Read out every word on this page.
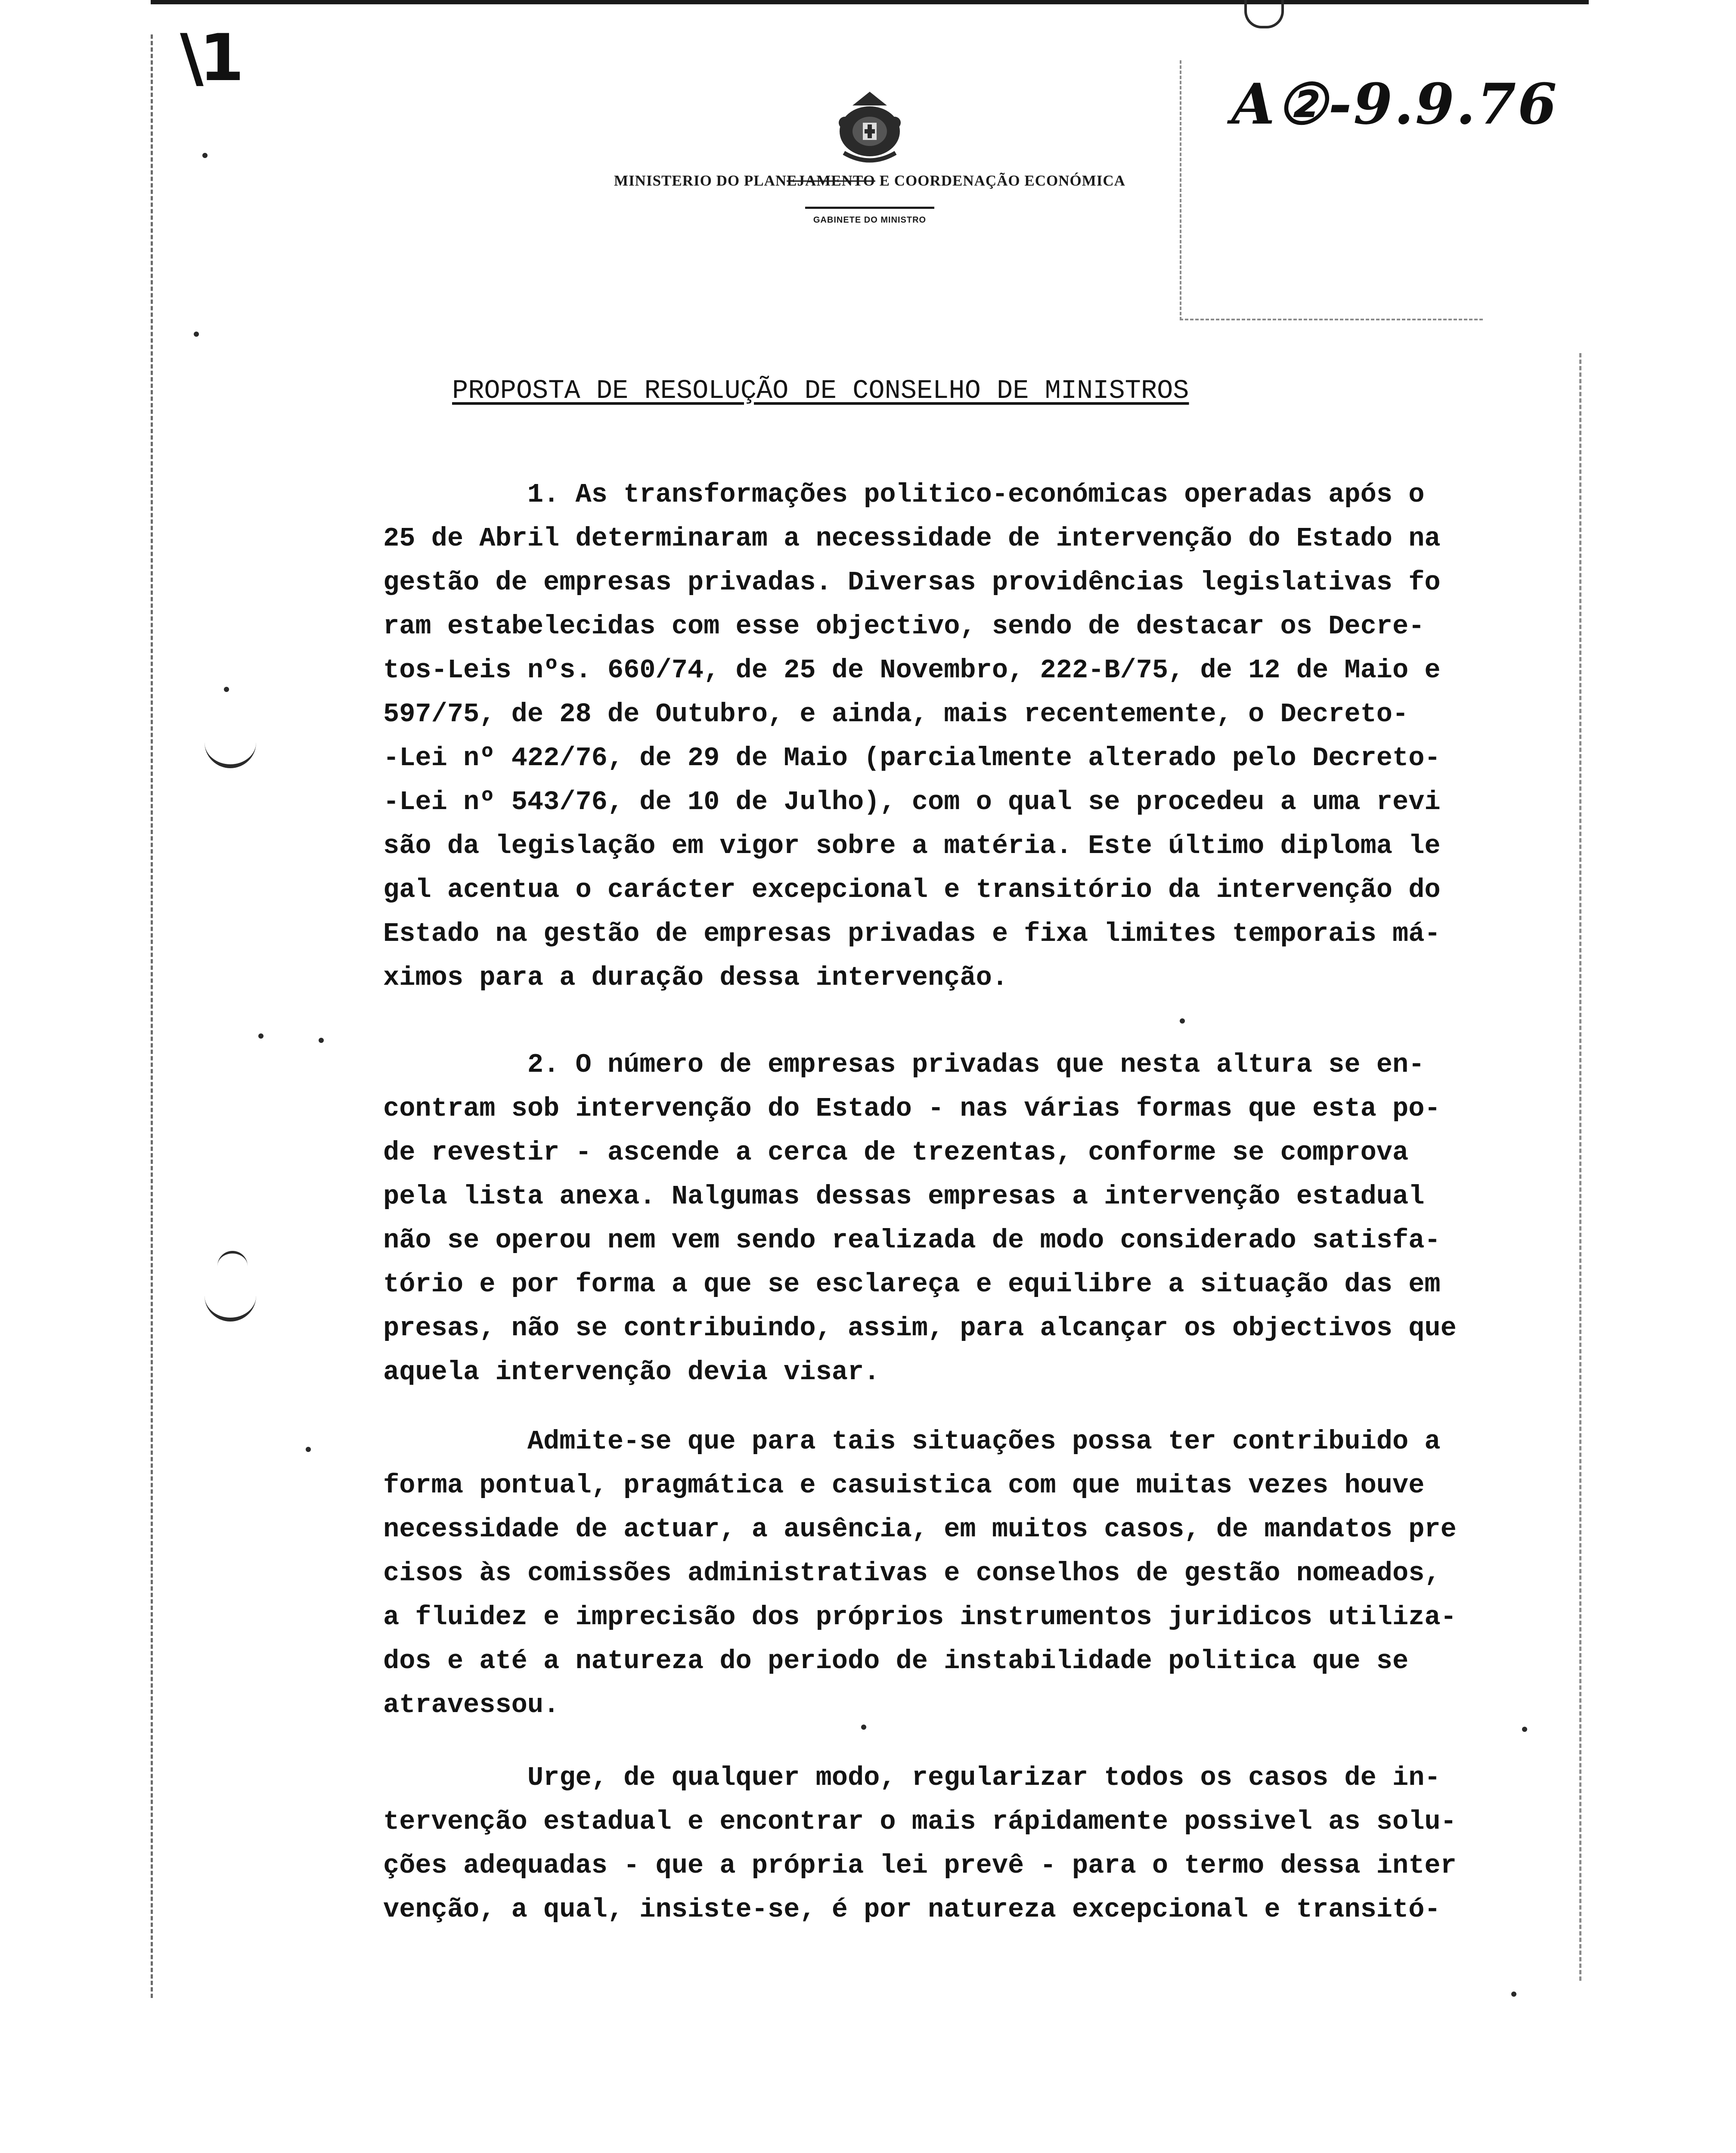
\1
MINISTERIO DO PLANEJAMENTO E COORDENAÇÃO ECONÓMICA
GABINETE DO MINISTRO
A②-9.9.76
PROPOSTA DE RESOLUÇÃO DE CONSELHO DE MINISTROS
1. As transformações politico-económicas operadas após o
25 de Abril determinaram a necessidade de intervenção do Estado na
gestão de empresas privadas. Diversas providências legislativas fo
ram estabelecidas com esse objectivo, sendo de destacar os Decre-
tos-Leis nºs. 660/74, de 25 de Novembro, 222-B/75, de 12 de Maio e
597/75, de 28 de Outubro, e ainda, mais recentemente, o Decreto-
-Lei nº 422/76, de 29 de Maio (parcialmente alterado pelo Decreto-
-Lei nº 543/76, de 10 de Julho), com o qual se procedeu a uma revi
são da legislação em vigor sobre a matéria. Este último diploma le
gal acentua o carácter excepcional e transitório da intervenção do
Estado na gestão de empresas privadas e fixa limites temporais má-
ximos para a duração dessa intervenção.
2. O número de empresas privadas que nesta altura se en-
contram sob intervenção do Estado - nas várias formas que esta po-
de revestir - ascende a cerca de trezentas, conforme se comprova
pela lista anexa. Nalgumas dessas empresas a intervenção estadual
não se operou nem vem sendo realizada de modo considerado satisfa-
tório e por forma a que se esclareça e equilibre a situação das em
presas, não se contribuindo, assim, para alcançar os objectivos que
aquela intervenção devia visar.
Admite-se que para tais situações possa ter contribuido a
forma pontual, pragmática e casuistica com que muitas vezes houve
necessidade de actuar, a ausência, em muitos casos, de mandatos pre
cisos às comissões administrativas e conselhos de gestão nomeados,
a fluidez e imprecisão dos próprios instrumentos juridicos utiliza-
dos e até a natureza do periodo de instabilidade politica que se
atravessou.
Urge, de qualquer modo, regularizar todos os casos de in-
tervenção estadual e encontrar o mais rápidamente possivel as solu-
ções adequadas - que a própria lei prevê - para o termo dessa inter
venção, a qual, insiste-se, é por natureza excepcional e transitó-
